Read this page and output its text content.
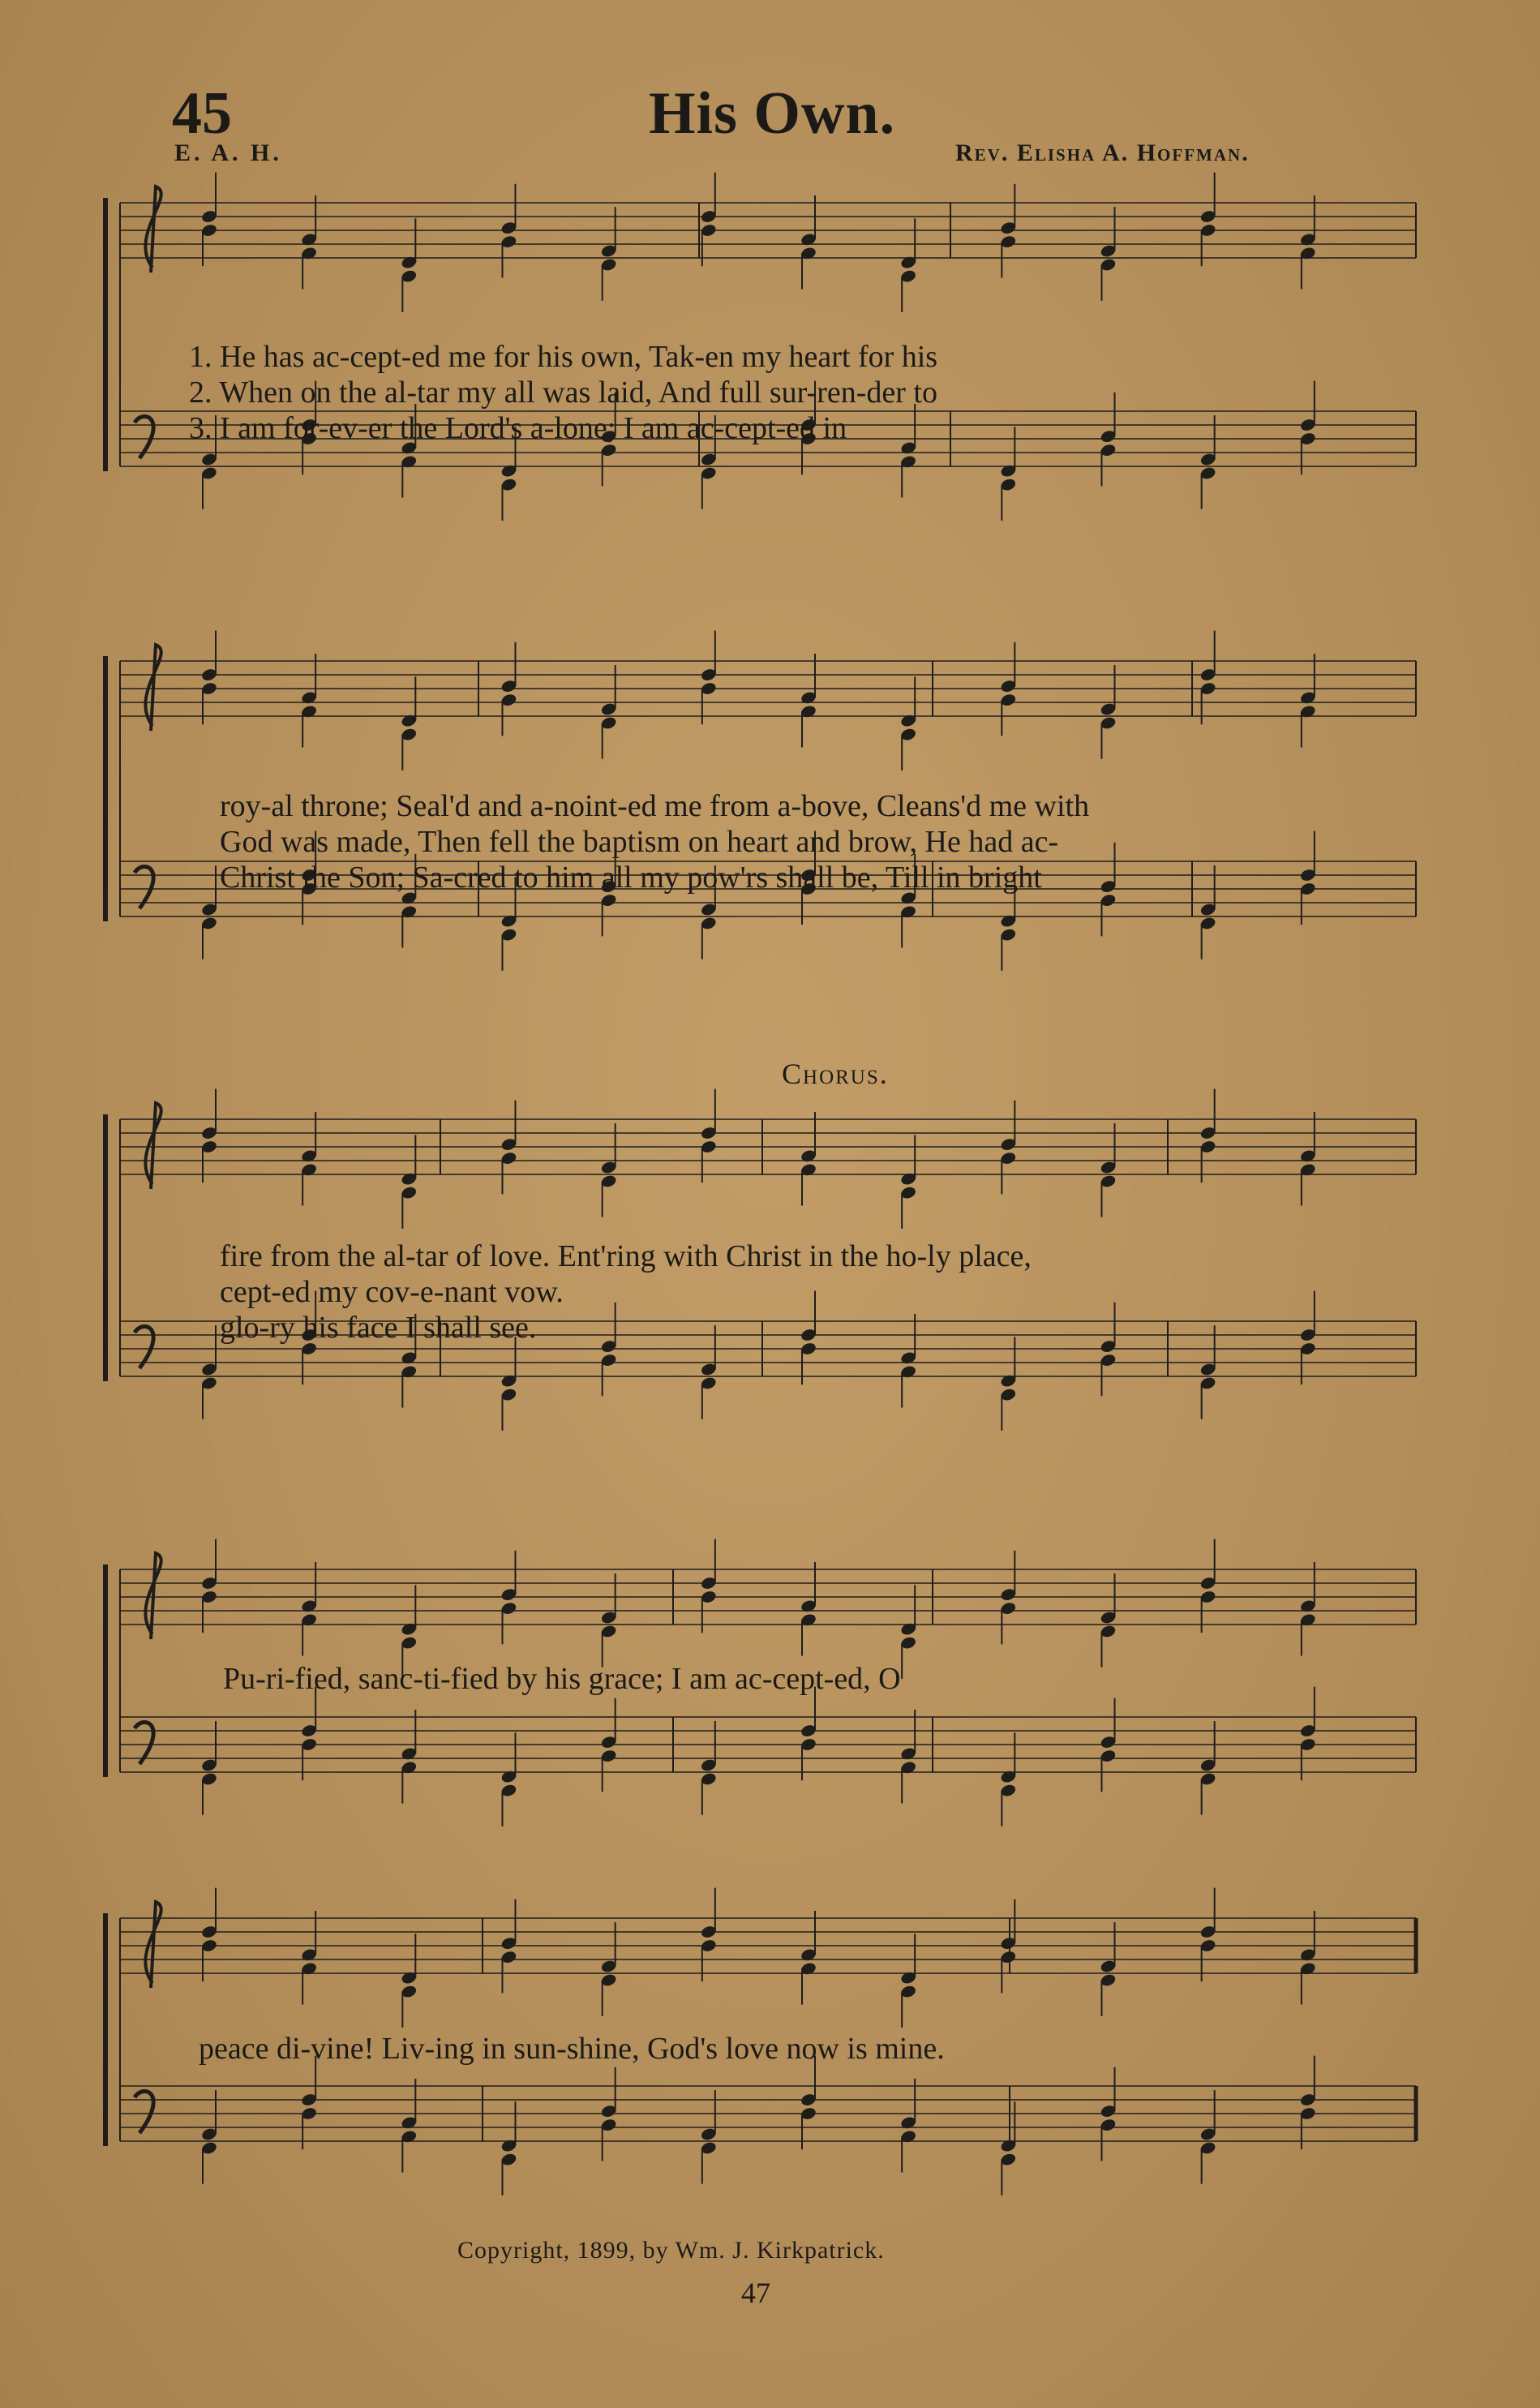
45	His Own.
E. A. H.	Rev. Elisha A. Hoffman.
1. He has ac-cept-ed me for his own, Tak-en my heart for his
2. When on the al-tar my all was laid, And full sur-ren-der to
3. I am for-ev-er the Lord's a-lone; I am ac-cept-ed in
roy-al throne; Seal'd and a-noint-ed me from a-bove, Cleans'd me with
God was made, Then fell the baptism on heart and brow, He had ac-
Christ the Son; Sa-cred to him all my pow'rs shall be, Till in bright
Chorus.
fire from the al-tar of love. Ent'ring with Christ in the ho-ly place,
cept-ed my cov-e-nant vow.
glo-ry his face I shall see.
Pu-ri-fied, sanc-ti-fied by his grace; I am ac-cept-ed, O
peace di-vine! Liv-ing in sun-shine, God's love now is mine.
Copyright, 1899, by Wm. J. Kirkpatrick.
47
